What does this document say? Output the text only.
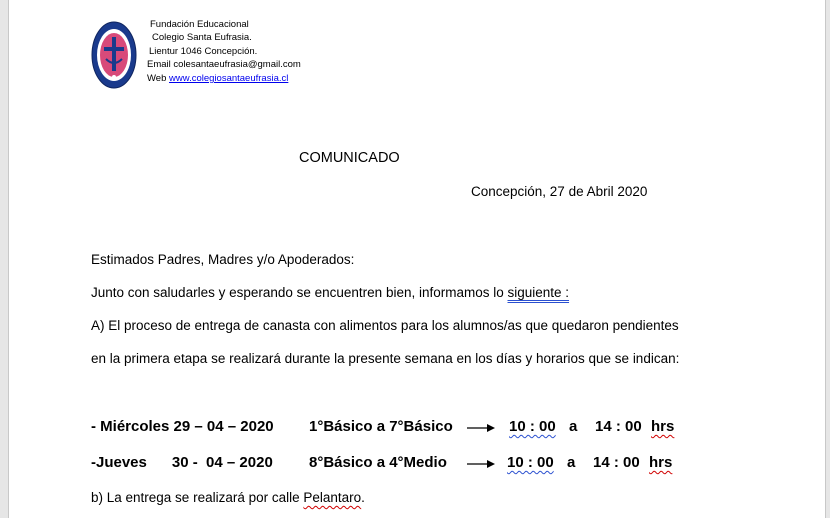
Fundación Educacional
Colegio Santa Eufrasia.
Lientur 1046 Concepción.
Email colesantaeufrasia@gmail.com
Web www.colegiosantaeufrasia.cl
COMUNICADO
Concepción, 27 de Abril 2020
Estimados Padres, Madres y/o Apoderados:
Junto con saludarles y esperando se encuentren bien, informamos lo siguiente :
A) El proceso de entrega de canasta con alimentos para los alumnos/as que quedaron pendientes
en la primera etapa se realizará durante la presente semana en los días y horarios que se indican:
- Miércoles 29 – 04 – 2020 1°Básico a 7°Básico	10 : 00 a 14 : 00 hrs
-Jueves      30 -  04 – 2020 8°Básico a 4°Medio	10 : 00 a 14 : 00 hrs
b) La entrega se realizará por calle Pelantaro.
